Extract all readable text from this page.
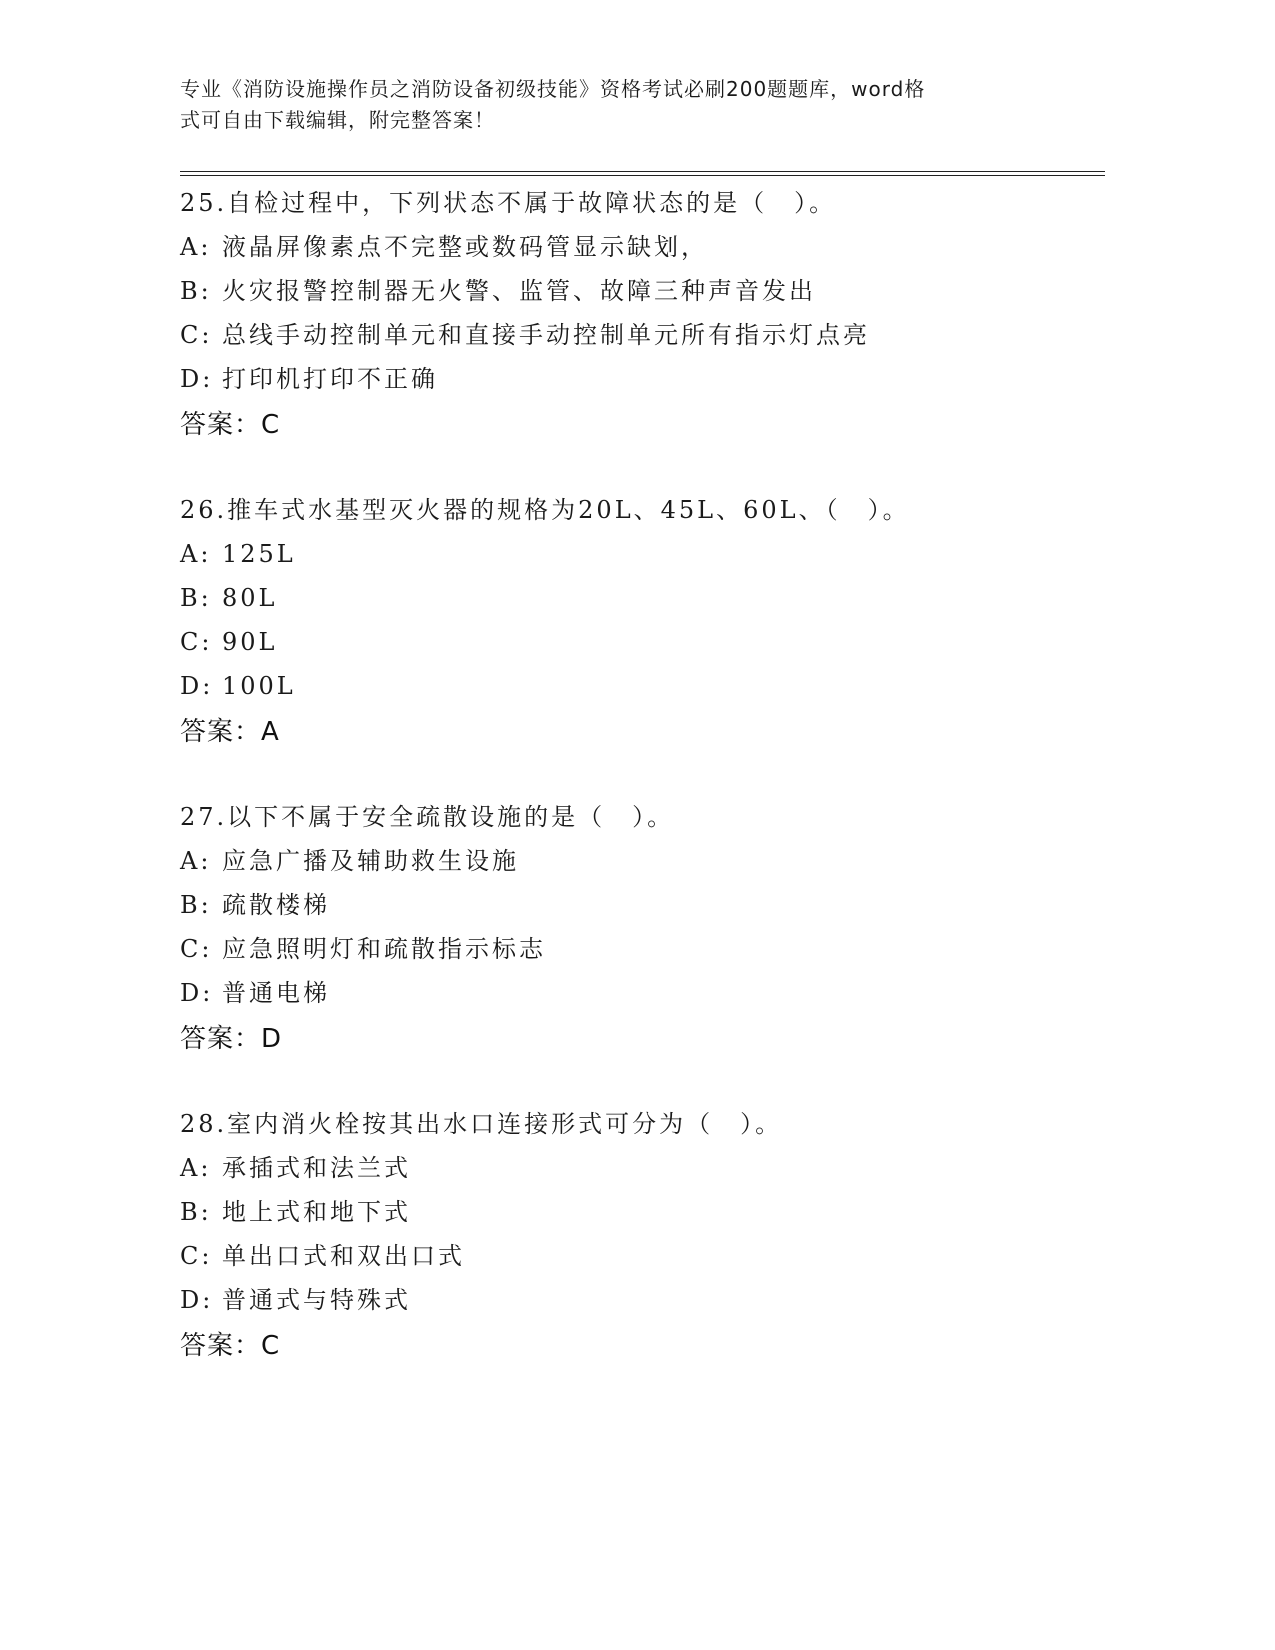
专业《消防设施操作员之消防设备初级技能》资格考试必刷200题题库，word格
式可自由下载编辑，附完整答案！
25.自检过程中，下列状态不属于故障状态的是（　）。
A: 液晶屏像素点不完整或数码管显示缺划，
B: 火灾报警控制器无火警、监管、故障三种声音发出
C: 总线手动控制单元和直接手动控制单元所有指示灯点亮
D: 打印机打印不正确
答案：C
26.推车式水基型灭火器的规格为20L、45L、60L、（　）。
A: 125L
B: 80L
C: 90L
D: 100L
答案：A
27.以下不属于安全疏散设施的是（　）。
A: 应急广播及辅助救生设施
B: 疏散楼梯
C: 应急照明灯和疏散指示标志
D: 普通电梯
答案：D
28.室内消火栓按其出水口连接形式可分为（　）。
A: 承插式和法兰式
B: 地上式和地下式
C: 单出口式和双出口式
D: 普通式与特殊式
答案：C
